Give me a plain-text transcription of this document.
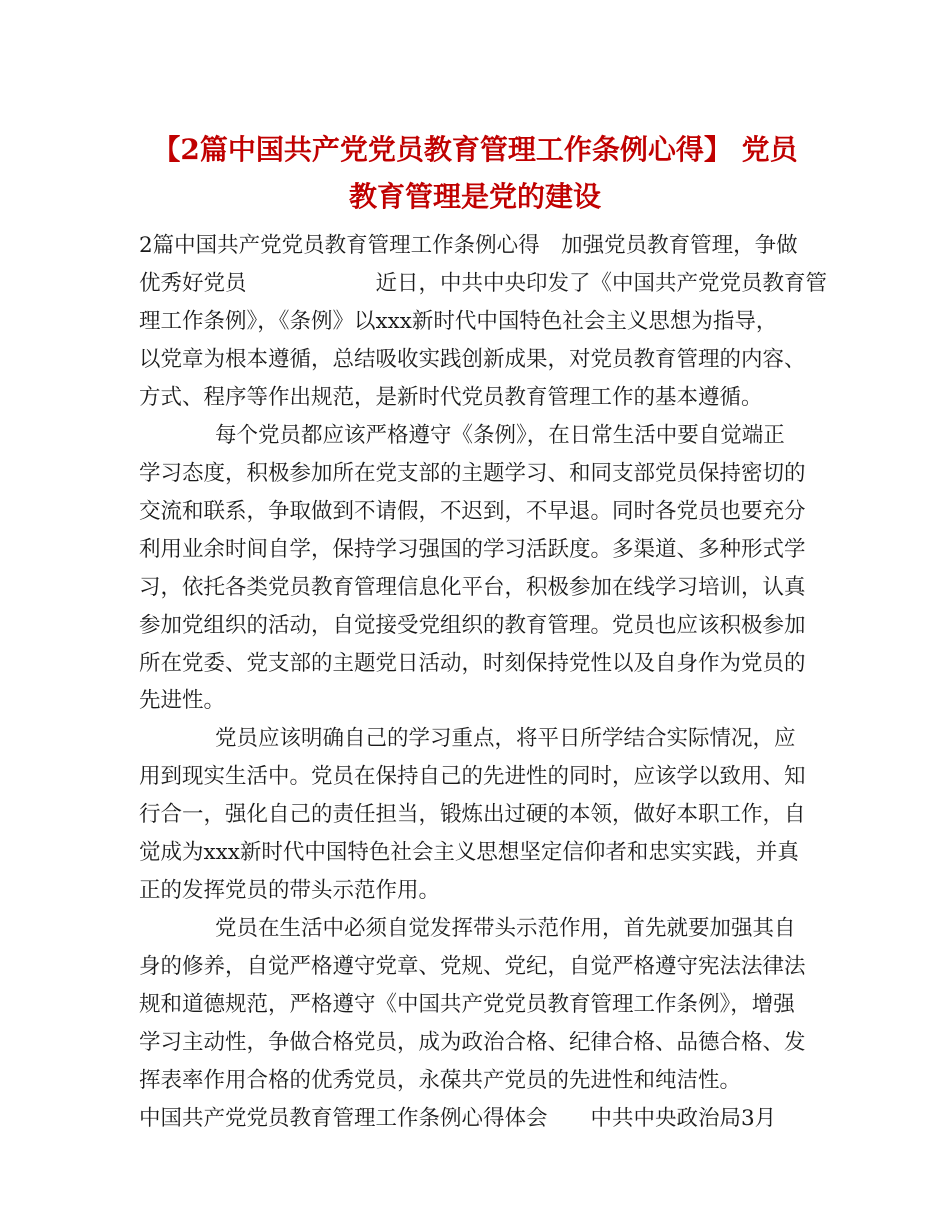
【2篇中国共产党党员教育管理工作条例心得】 党员
教育管理是党的建设

2篇中国共产党党员教育管理工作条例心得　加强党员教育管理，争做

优秀好党员　　　　　　近日，中共中央印发了《中国共产党党员教育管

理工作条例》，《条例》以xxx新时代中国特色社会主义思想为指导，

以党章为根本遵循，总结吸收实践创新成果，对党员教育管理的内容、

方式、程序等作出规范，是新时代党员教育管理工作的基本遵循。

每个党员都应该严格遵守《条例》，在日常生活中要自觉端正

学习态度，积极参加所在党支部的主题学习、和同支部党员保持密切的

交流和联系，争取做到不请假，不迟到，不早退。同时各党员也要充分

利用业余时间自学，保持学习强国的学习活跃度。多渠道、多种形式学

习，依托各类党员教育管理信息化平台，积极参加在线学习培训，认真

参加党组织的活动，自觉接受党组织的教育管理。党员也应该积极参加

所在党委、党支部的主题党日活动，时刻保持党性以及自身作为党员的

先进性。

党员应该明确自己的学习重点，将平日所学结合实际情况，应

用到现实生活中。党员在保持自己的先进性的同时，应该学以致用、知

行合一，强化自己的责任担当，锻炼出过硬的本领，做好本职工作，自

觉成为xxx新时代中国特色社会主义思想坚定信仰者和忠实实践，并真

正的发挥党员的带头示范作用。

党员在生活中必须自觉发挥带头示范作用，首先就要加强其自

身的修养，自觉严格遵守党章、党规、党纪，自觉严格遵守宪法法律法

规和道德规范，严格遵守《中国共产党党员教育管理工作条例》，增强

学习主动性，争做合格党员，成为政治合格、纪律合格、品德合格、发

挥表率作用合格的优秀党员，永葆共产党员的先进性和纯洁性。

中国共产党党员教育管理工作条例心得体会　　中共中央政治局3月
